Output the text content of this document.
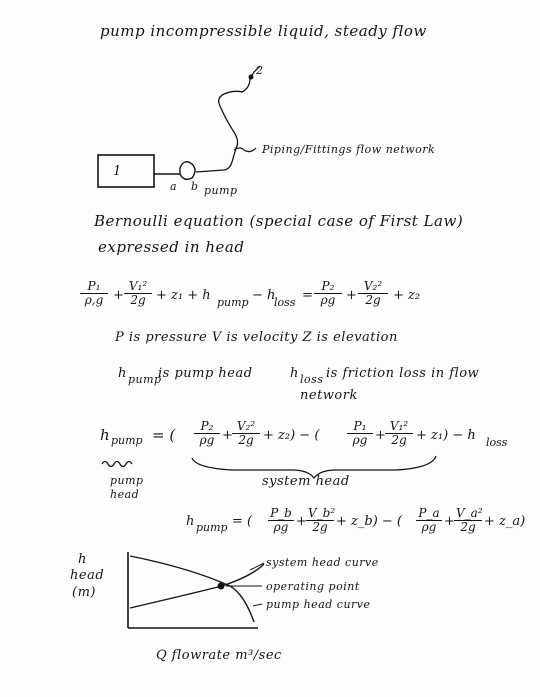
pump incompressible liquid, steady flow
1
2
a b pump
Piping/Fittings flow network
Bernoulli equation (special case of First Law)
expressed in head
$\frac{\text{P₁}}{\rho,g} + \frac{\text{V₁²}}{2g} + z_1 + h$ pump − h
loss = $\frac{\text{P₂}}{\rho g} + \frac{\text{V₂²}}{2g} + z_2$
P is pressure V is velocity Z is elevation
h pump
is pump head	h loss is friction loss in flow
network
h pump = ( $\frac{\text{P₂}}{\rho g} + \frac{\text{V₂²}}{2g} + z_2$) − ( $\frac{\text{P₁}}{\rho g} + \frac{\text{V₁²}}{2g} + z_1) - h$ loss
pump
head
system head
h pump = ( $\frac{P\_b}{\rho g} + \frac{\text{V\_b²}}{2g}$ + z_b) − ( $\frac{P\_a}{\rho g} + \frac{\text{V\_a²}}{2g}$ + z_a)
h
head
(m)
Q flowrate m³/sec
system head curve
operating point
pump head curve
